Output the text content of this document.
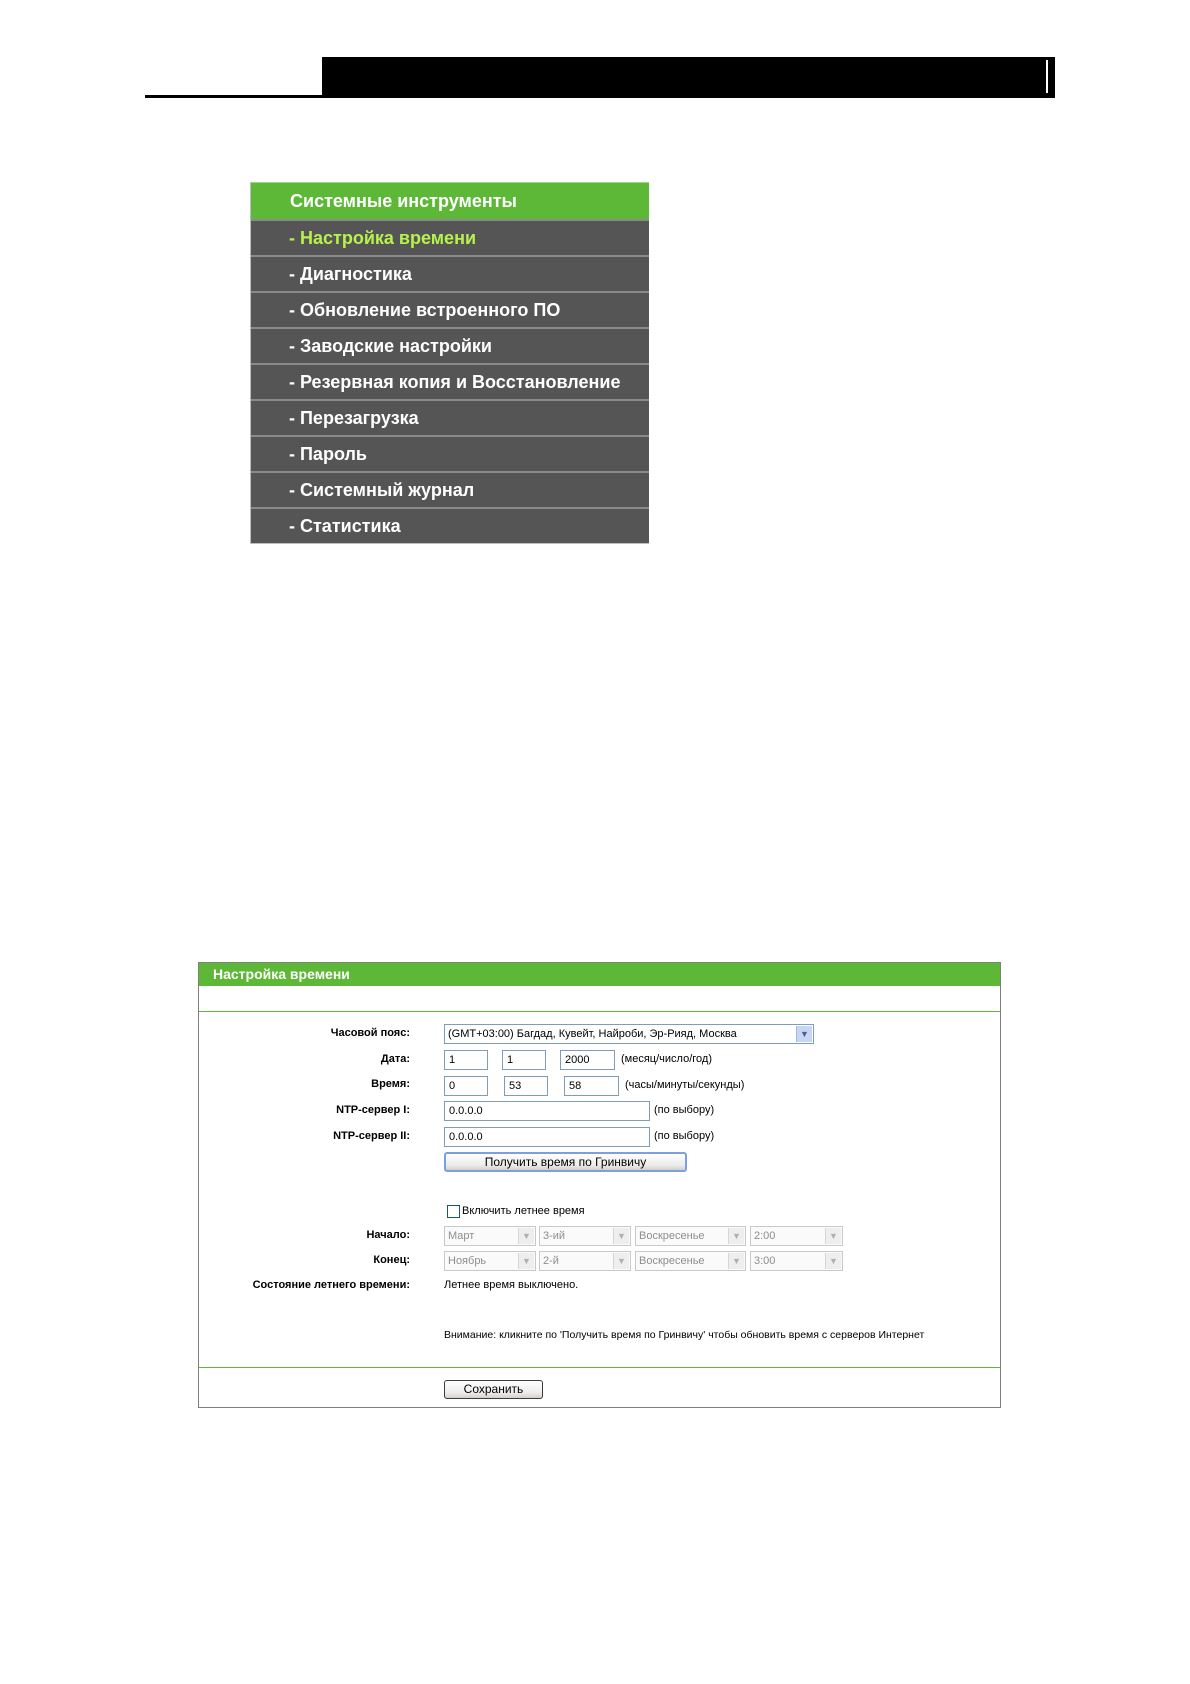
Системные инструменты
- Настройка времени
- Диагностика
- Обновление встроенного ПО
- Заводские настройки
- Резервная копия и Восстановление
- Перезагрузка
- Пароль
- Системный журнал
- Статистика
Настройка времени
Часовой пояс:	(GMT+03:00) Багдад, Кувейт, Найроби, Эр-Рияд, Москва	▼
Дата:
1
1
2000	(месяц/число/год)
Время:
0
53
58	(часы/минуты/секунды)
NTP-сервер I:
0.0.0.0	(по выбору)
NTP-сервер II:
0.0.0.0	(по выбору)
Получить время по Гринвичу
Включить летнее время
Начало:	Март	▼	3-ий	▼	Воскресенье	▼	2:00	▼
Конец:	Ноябрь	▼	2-й	▼	Воскресенье	▼	3:00	▼
Состояние летнего времени:	Летнее время выключено.
Внимание: кликните по 'Получить время по Гринвичу' чтобы обновить время с серверов Интернет
Сохранить
